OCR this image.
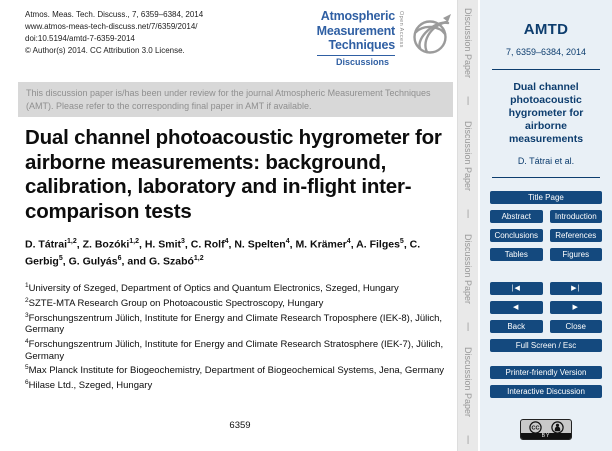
Atmos. Meas. Tech. Discuss., 7, 6359–6384, 2014
www.atmos-meas-tech-discuss.net/7/6359/2014/
doi:10.5194/amtd-7-6359-2014
© Author(s) 2014. CC Attribution 3.0 License.
Atmospheric
Measurement
Techniques
Discussions
Open Access
This discussion paper is/has been under review for the journal Atmospheric Measurement Techniques (AMT). Please refer to the corresponding final paper in AMT if available.
Dual channel photoacoustic hygrometer for airborne measurements: background, calibration, laboratory and in-flight inter-comparison tests

D. Tátrai$^{1,2}$, Z. Bozóki$^{1,2}$, H. Smit$^3$, C. Rolf$^4$, N. Spelten$^4$, M. Krämer$^4$, A. Filges$^5$, C. Gerbig$^5$, G. Gulyás$^6$, and G. Szabó$^{1,2}$

$^1$University of Szeged, Department of Optics and Quantum Electronics, Szeged, Hungary
$^2$SZTE-MTA Research Group on Photoacoustic Spectroscopy, Hungary
$^3$Forschungszentrum Jülich, Institute for Energy and Climate Research Troposphere (IEK-8), Jülich, Germany
$^4$Forschungszentrum Jülich, Institute for Energy and Climate Research Stratosphere (IEK-7), Jülich, Germany
$^5$Max Planck Institute for Biogeochemistry, Department of Biogeochemical Systems, Jena, Germany
$^6$Hilase Ltd., Szeged, Hungary
6359
Discussion Paper
|
Discussion Paper
|
Discussion Paper
|
Discussion Paper
|
AMTD
7, 6359–6384, 2014
Dual channel photoacoustic hygrometer for airborne measurements
D. Tátrai et al.
Title Page
Abstract	Introduction
Conclusions	References
Tables	Figures
|◀	▶|
◀	▶
Back	Close
Full Screen / Esc
Printer-friendly Version
Interactive Discussion
CC
BY
